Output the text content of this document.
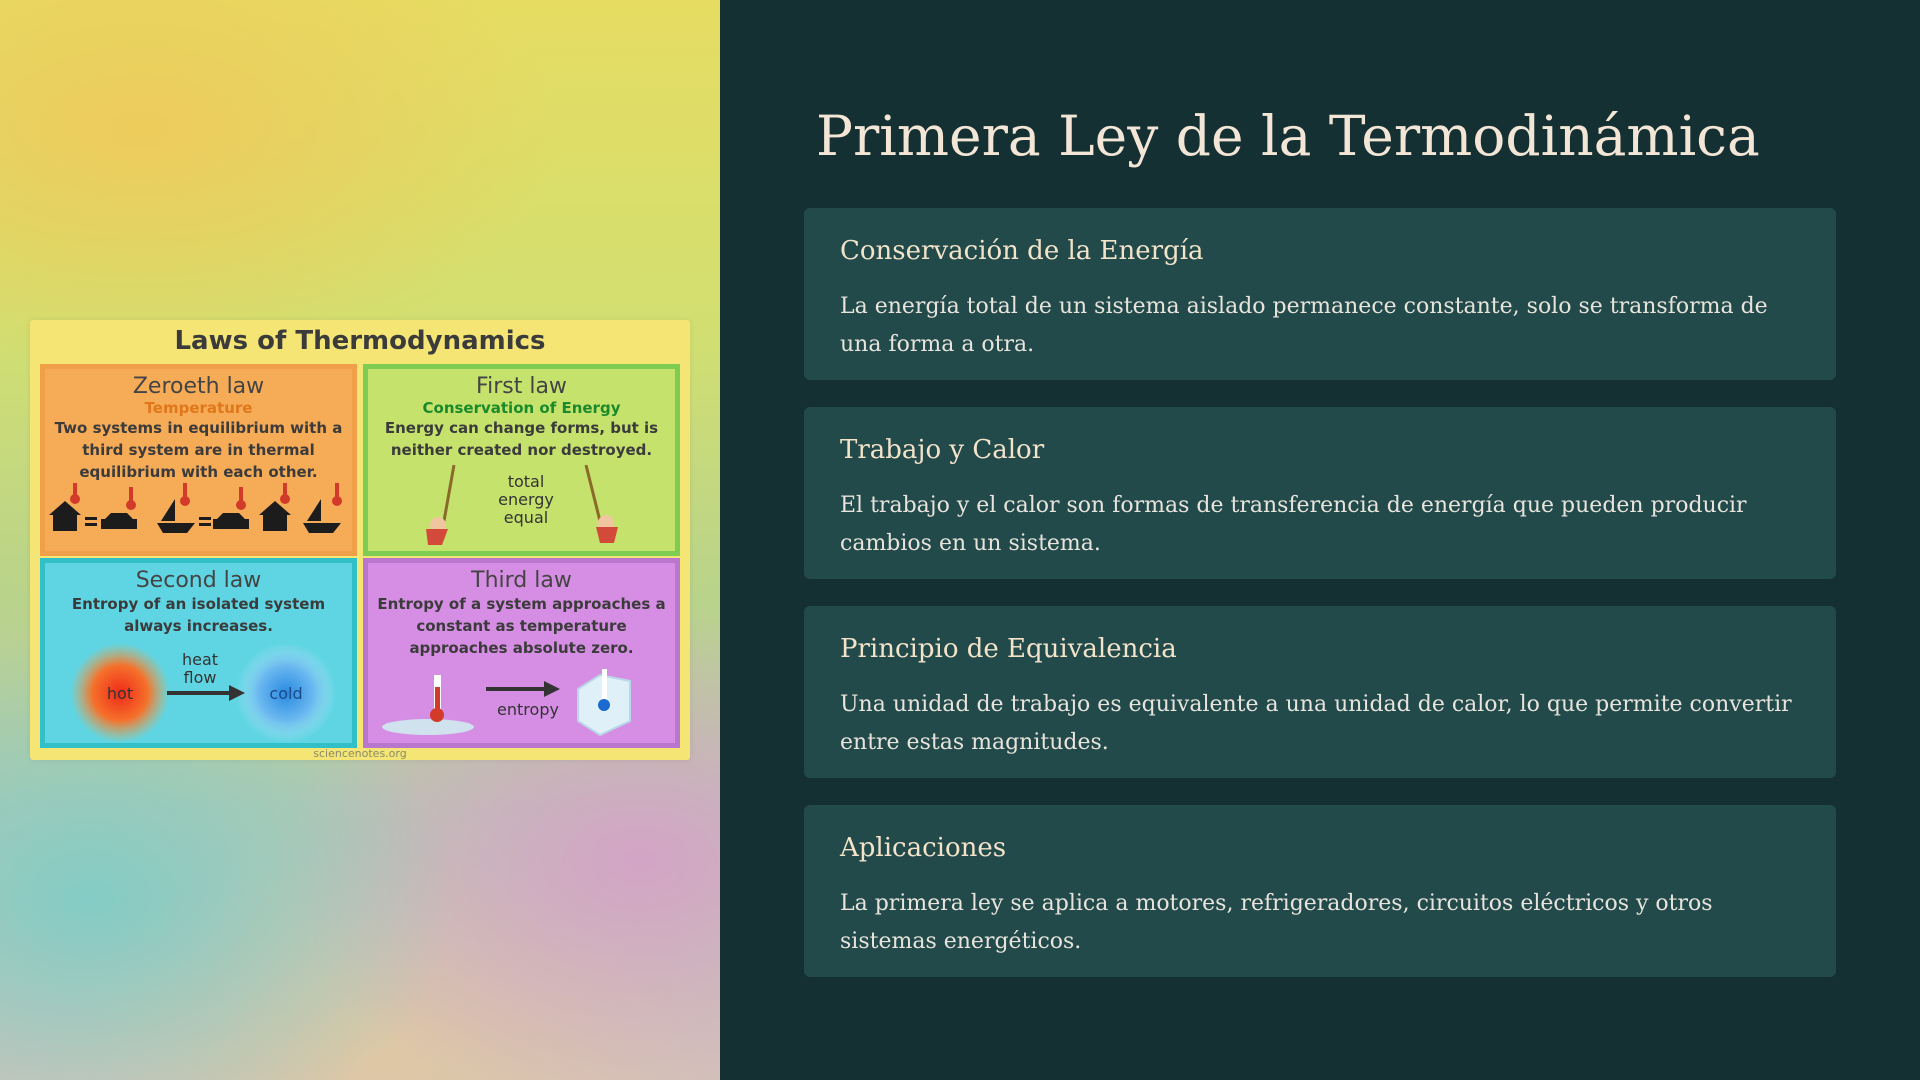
Laws of Thermodynamics
Zeroeth law
Temperature
Two systems in equilibrium with a third system are in thermal equilibrium with each other.
First law
Conservation of Energy
Energy can change forms, but is neither created nor destroyed.
total energy equal
Second law
Entropy of an isolated system always increases.
heat flow
hot	cold
Third law
Entropy of a system approaches a constant as temperature approaches absolute zero.
entropy
sciencenotes.org
Primera Ley de la Termodinámica
Conservación de la Energía
La energía total de un sistema aislado permanece constante, solo se transforma de una forma a otra.
Trabajo y Calor
El trabajo y el calor son formas de transferencia de energía que pueden producir cambios en un sistema.
Principio de Equivalencia
Una unidad de trabajo es equivalente a una unidad de calor, lo que permite convertir entre estas magnitudes.
Aplicaciones
La primera ley se aplica a motores, refrigeradores, circuitos eléctricos y otros sistemas energéticos.
